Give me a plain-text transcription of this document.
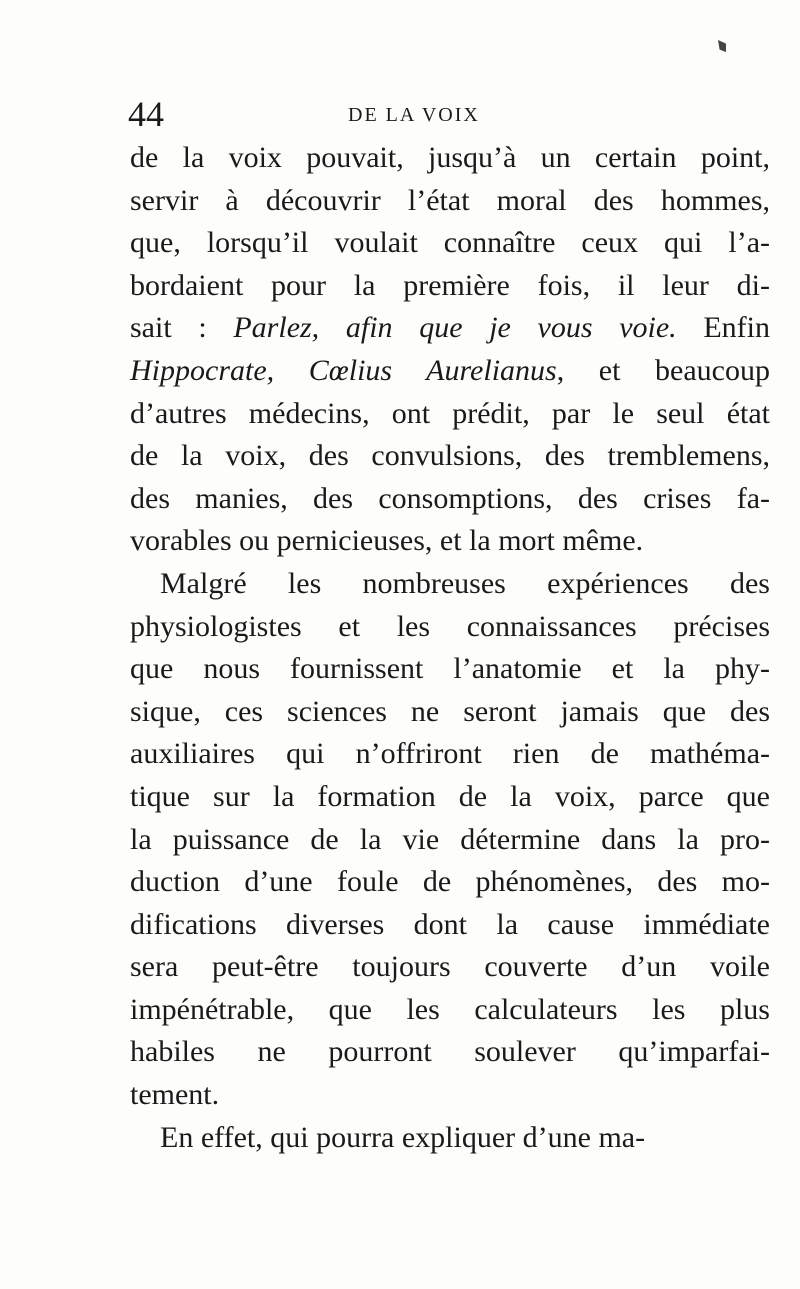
44	DE LA VOIX
de la voix pouvait, jusqu’à un certain point,
servir à découvrir l’état moral des hommes,
que, lorsqu’il voulait connaître ceux qui l’a-
bordaient pour la première fois, il leur di-
sait : Parlez, afin que je vous voie. Enfin
Hippocrate, Cœlius Aurelianus, et beaucoup
d’autres médecins, ont prédit, par le seul état
de la voix, des convulsions, des tremblemens,
des manies, des consomptions, des crises fa-
vorables ou pernicieuses, et la mort même.
Malgré les nombreuses expériences des
physiologistes et les connaissances précises
que nous fournissent l’anatomie et la phy-
sique, ces sciences ne seront jamais que des
auxiliaires qui n’offriront rien de mathéma-
tique sur la formation de la voix, parce que
la puissance de la vie détermine dans la pro-
duction d’une foule de phénomènes, des mo-
difications diverses dont la cause immédiate
sera peut-être toujours couverte d’un voile
impénétrable, que les calculateurs les plus
habiles ne pourront soulever qu’imparfai-
tement.
En effet, qui pourra expliquer d’une ma-
